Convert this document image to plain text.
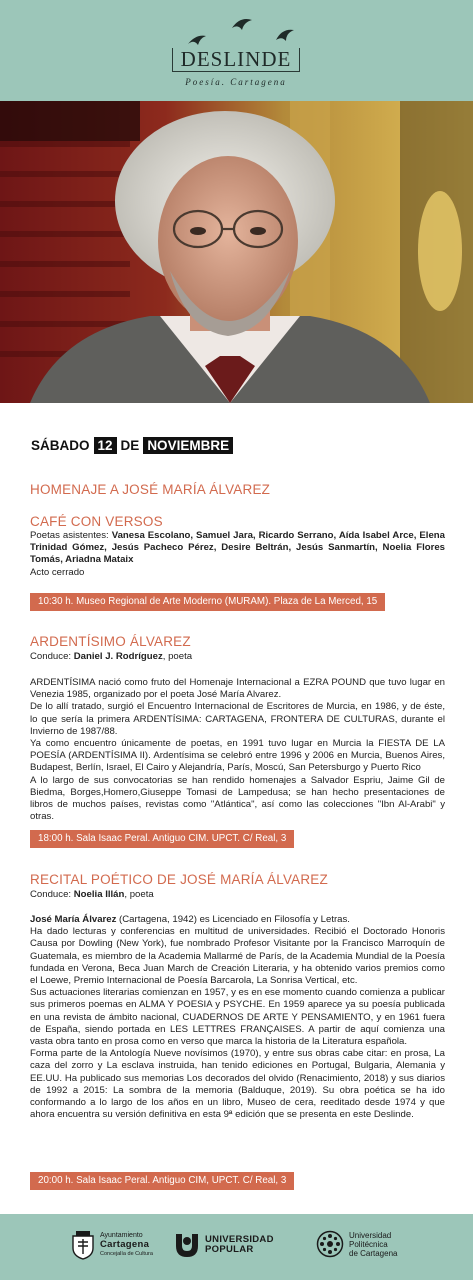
DESLINDE
Poesía. Cartagena
SÁBADO 12 DE NOVIEMBRE
HOMENAJE A JOSÉ MARÍA ÁLVAREZ
CAFÉ CON VERSOS
Poetas asistentes: Vanesa Escolano, Samuel Jara, Ricardo Serrano, Aída Isabel Arce, Elena Trinidad Gómez, Jesús Pacheco Pérez, Desire Beltrán, Jesús Sanmartín, Noelia Flores Tomás, Ariadna Mataix
Acto cerrado
10:30 h. Museo Regional de Arte Moderno (MURAM). Plaza de La Merced, 15
ARDENTÍSIMO ÁLVAREZ
Conduce: Daniel J. Rodríguez, poeta
ARDENTÍSIMA nació como fruto del Homenaje Internacional a EZRA POUND que tuvo lugar en Venezia 1985, organizado por el poeta José María Alvarez.
De lo allí tratado, surgió el Encuentro Internacional de Escritores de Murcia, en 1986, y de éste, lo que sería la primera ARDENTÍSIMA: CARTAGENA, FRONTERA DE CULTURAS, durante el Invierno de 1987/88.
Ya como encuentro únicamente de poetas, en 1991 tuvo lugar en Murcia la FIESTA DE LA POESÍA (ARDENTÍSIMA II). Ardentísima se celebró entre 1996 y 2006 en Murcia, Buenos Aires, Budapest, Berlín, Israel, El Cairo y Alejandría, París, Moscú, San Petersburgo y Puerto Rico
A lo largo de sus convocatorias se han rendido homenajes a Salvador Espriu, Jaime Gil de Biedma, Borges,Homero,Giuseppe Tomasi de Lampedusa; se han hecho presentaciones de libros de muchos países, revistas como "Atlántica", así como las colecciones "Ibn Al-Arabi" y otras.
18:00 h. Sala Isaac Peral. Antiguo CIM. UPCT. C/ Real, 3
RECITAL POÉTICO DE JOSÉ MARÍA ÁLVAREZ
Conduce: Noelia Illán, poeta
José María Álvarez (Cartagena, 1942) es Licenciado en Filosofía y Letras.
Ha dado lecturas y conferencias en multitud de universidades. Recibió el Doctorado Honoris Causa por Dowling (New York), fue nombrado Profesor Visitante por la Francisco Marroquín de Guatemala, es miembro de la Academia Mallarmé de París, de la Academia Mundial de la Poesía fundada en Verona, Beca Juan March de Creación Literaria, y ha obtenido varios premios como el Loewe, Premio Internacional de Poesía Barcarola, La Sonrisa Vertical, etc.
Sus actuaciones literarias comienzan en 1957, y es en ese momento cuando comienza a publicar sus primeros poemas en ALMA Y POESIA y PSYCHE. En 1959 aparece ya su poesía publicada en una revista de ámbito nacional, CUADERNOS DE ARTE Y PENSAMIENTO, y en 1961 fuera de España, siendo portada en LES LETTRES FRANÇAISES. A partir de aquí comienza una vasta obra tanto en prosa como en verso que marca la historia de la Literatura española.
Forma parte de la Antología Nueve novísimos (1970), y entre sus obras cabe citar: en prosa, La caza del zorro y La esclava instruida, han tenido ediciones en Portugal, Bulgaria, Alemania y EE.UU. Ha publicado sus memorias Los decorados del olvido (Renacimiento, 2018) y sus diarios de 1992 a 2015: La sombra de la memoria (Balduque, 2019). Su obra poética se ha ido conformando a lo largo de los años en un libro, Museo de cera, reeditado desde 1974 y que ahora encuentra su versión definitiva en esta 9ª edición que se presenta en este Deslinde.
20:00 h. Sala Isaac Peral. Antiguo CIM, UPCT. C/ Real, 3
Ayuntamiento
Cartagena
Concejalía de Cultura
UNIVERSIDAD
POPULAR
Universidad
Politécnica
de Cartagena
